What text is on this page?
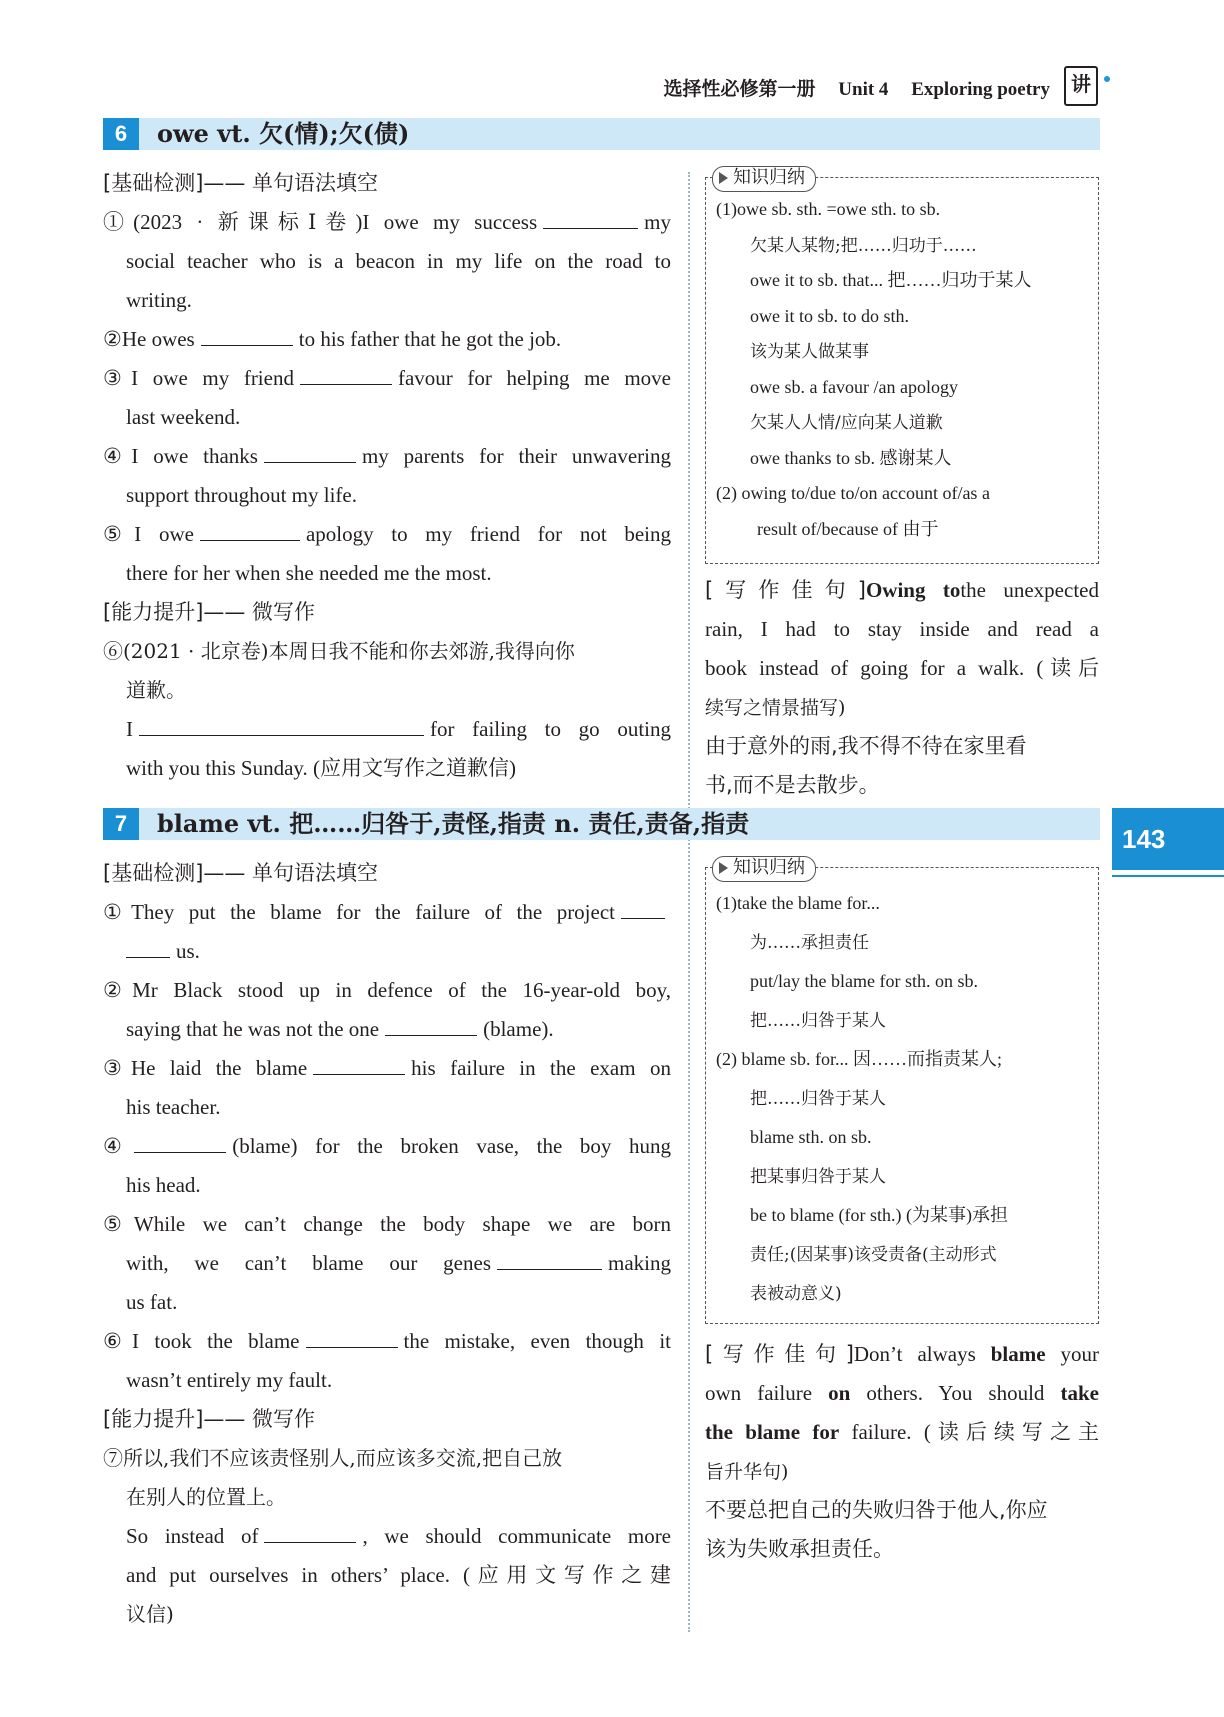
选择性必修第一册 Unit 4 Exploring poetry	讲
6	owe vt. 欠(情);欠(债)
[基础检测]—— 单句语法填空
①(2023 · 新课标Ⅰ卷)I owe my success	my
social teacher who is a beacon in my life on the road to
writing.
②He owes	to his father that he got the job.
③I owe my friend	favour for helping me move
last weekend.
④I owe thanks	my parents for their unwavering
support throughout my life.
⑤I owe	apology to my friend for not being
there for her when she needed me the most.
[能力提升]—— 微写作
⑥(2021 · 北京卷)本周日我不能和你去郊游,我得向你
道歉。
I	for failing to go outing
with you this Sunday. (应用文写作之道歉信)
知识归纳
(1)owe sb. sth. =owe sth. to sb.
欠某人某物;把……归功于……
owe it to sb. that... 把……归功于某人
owe it to sb. to do sth.
该为某人做某事
owe sb. a favour /an apology
欠某人人情/应向某人道歉
owe thanks to sb. 感谢某人
(2) owing to/due to/on account of/as a
result of/because of 由于
[写作佳句]Owing tothe unexpected
rain, I had to stay inside and read a
book instead of going for a walk. (读后
续写之情景描写)
由于意外的雨,我不得不待在家里看
书,而不是去散步。
7	blame vt. 把……归咎于,责怪,指责 n. 责任,责备,指责
143
[基础检测]—— 单句语法填空
①They put the blame for the failure of the project
us.
②Mr Black stood up in defence of the 16-year-old boy,
saying that he was not the one	(blame).
③He laid the blame	his failure in the exam on
his teacher.
④	(blame) for the broken vase, the boy hung
his head.
⑤While we can’t change the body shape we are born
with, we can’t blame our genes	making
us fat.
⑥I took the blame	the mistake, even though it
wasn’t entirely my fault.
[能力提升]—— 微写作
⑦所以,我们不应该责怪别人,而应该多交流,把自己放
在别人的位置上。
So instead of	, we should communicate more
and put ourselves in others’ place. (应用文写作之建
议信)
知识归纳
(1)take the blame for...
为……承担责任
put/lay the blame for sth. on sb.
把……归咎于某人
(2) blame sb. for... 因……而指责某人;
把……归咎于某人
blame sth. on sb.
把某事归咎于某人
be to blame (for sth.) (为某事)承担
责任;(因某事)该受责备(主动形式
表被动意义)
[写作佳句]Don’t always blame your
own failure on others. You should take
the blame for failure. (读后续写之主
旨升华句)
不要总把自己的失败归咎于他人,你应
该为失败承担责任。
